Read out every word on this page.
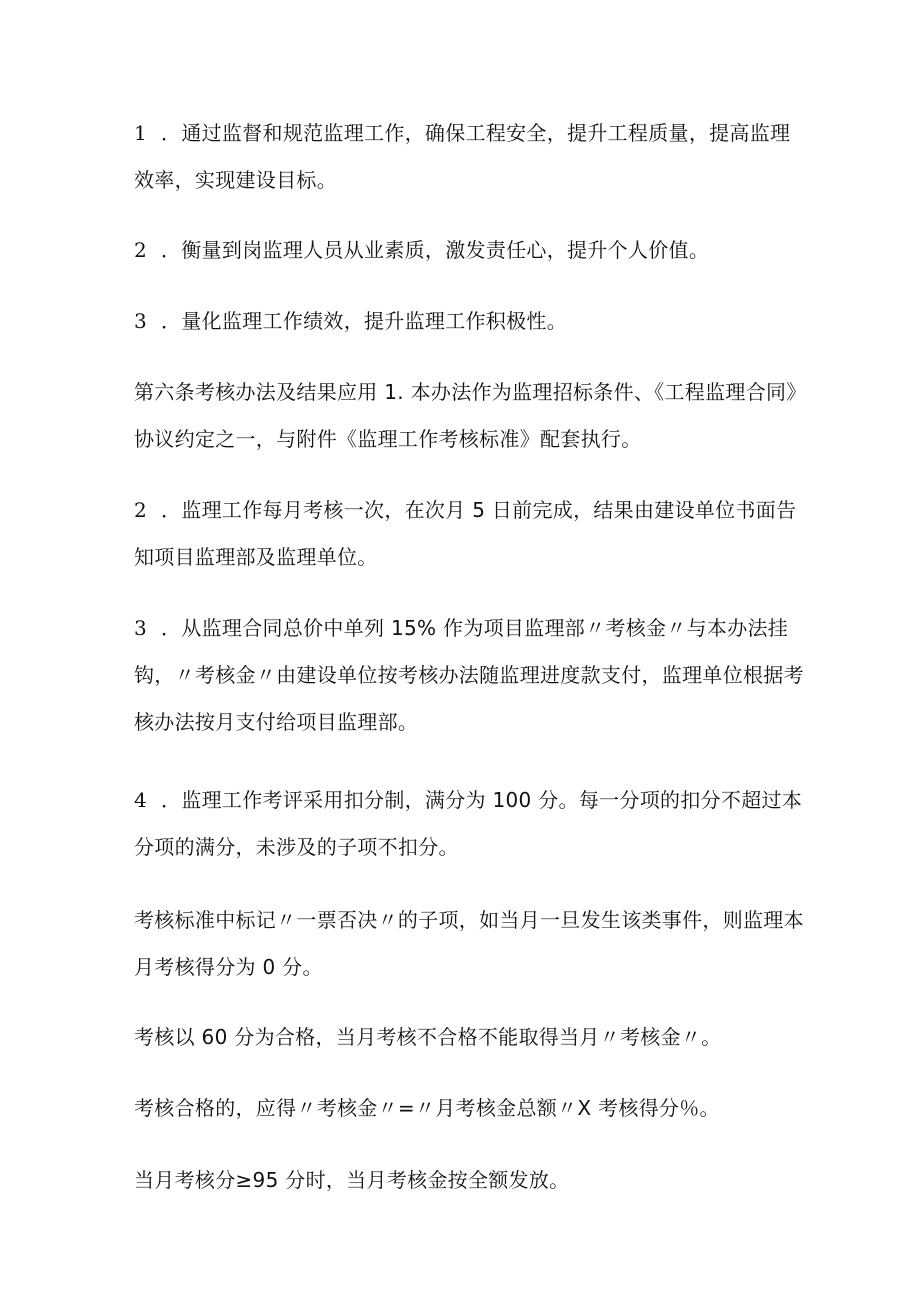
1 ．通过监督和规范监理工作，确保工程安全，提升工程质量，提高监理效率，实现建设目标。

2 ．衡量到岗监理人员从业素质，激发责任心，提升个人价值。

3 ．量化监理工作绩效，提升监理工作积极性。

第六条考核办法及结果应用 1. 本办法作为监理招标条件、《工程监理合同》协议约定之一，与附件《监理工作考核标准》配套执行。

2 ．监理工作每月考核一次，在次月 5 日前完成，结果由建设单位书面告知项目监理部及监理单位。

3 ．从监理合同总价中单列 15% 作为项目监理部〃考核金〃与本办法挂钩，〃考核金〃由建设单位按考核办法随监理进度款支付，监理单位根据考核办法按月支付给项目监理部。

4 ．监理工作考评采用扣分制，满分为 100 分。每一分项的扣分不超过本分项的满分，未涉及的子项不扣分。

考核标准中标记〃一票否决〃的子项，如当月一旦发生该类事件，则监理本月考核得分为 0 分。

考核以 60 分为合格，当月考核不合格不能取得当月〃考核金〃。

考核合格的，应得〃考核金〃=〃月考核金总额〃X 考核得分％。

当月考核分≥95 分时，当月考核金按全额发放。
